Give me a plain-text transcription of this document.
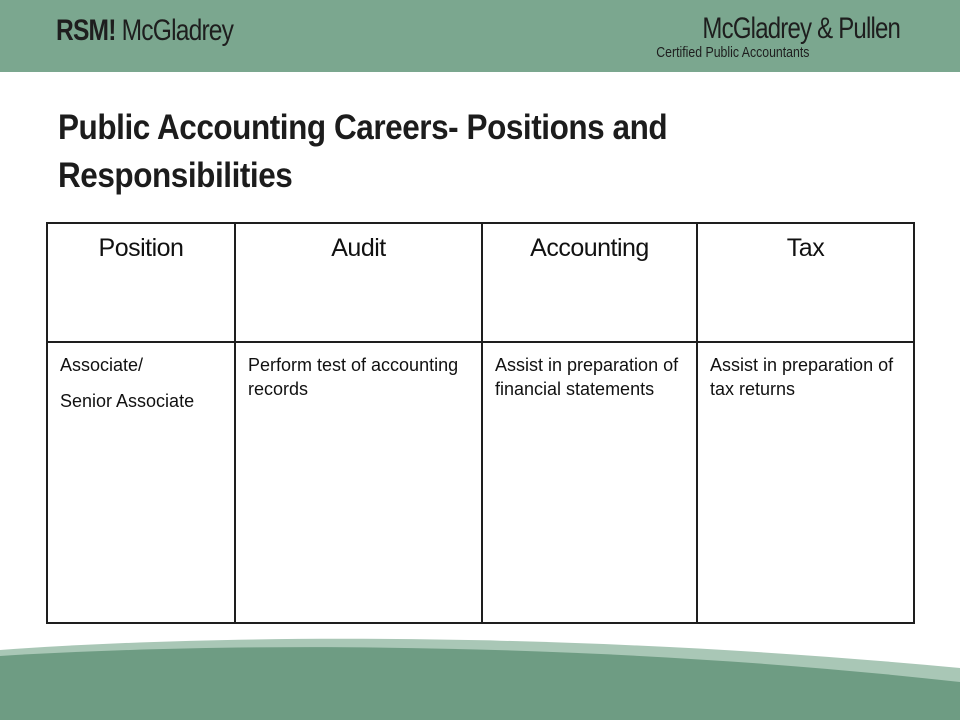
RSM! McGladrey	McGladrey & Pullen
Certified Public Accountants
Public Accounting Careers- Positions and Responsibilities
Position	Audit	Accounting	Tax

Associate/
Senior Associate	Perform test of accounting records	Assist in preparation of financial statements	Assist in preparation of tax returns
